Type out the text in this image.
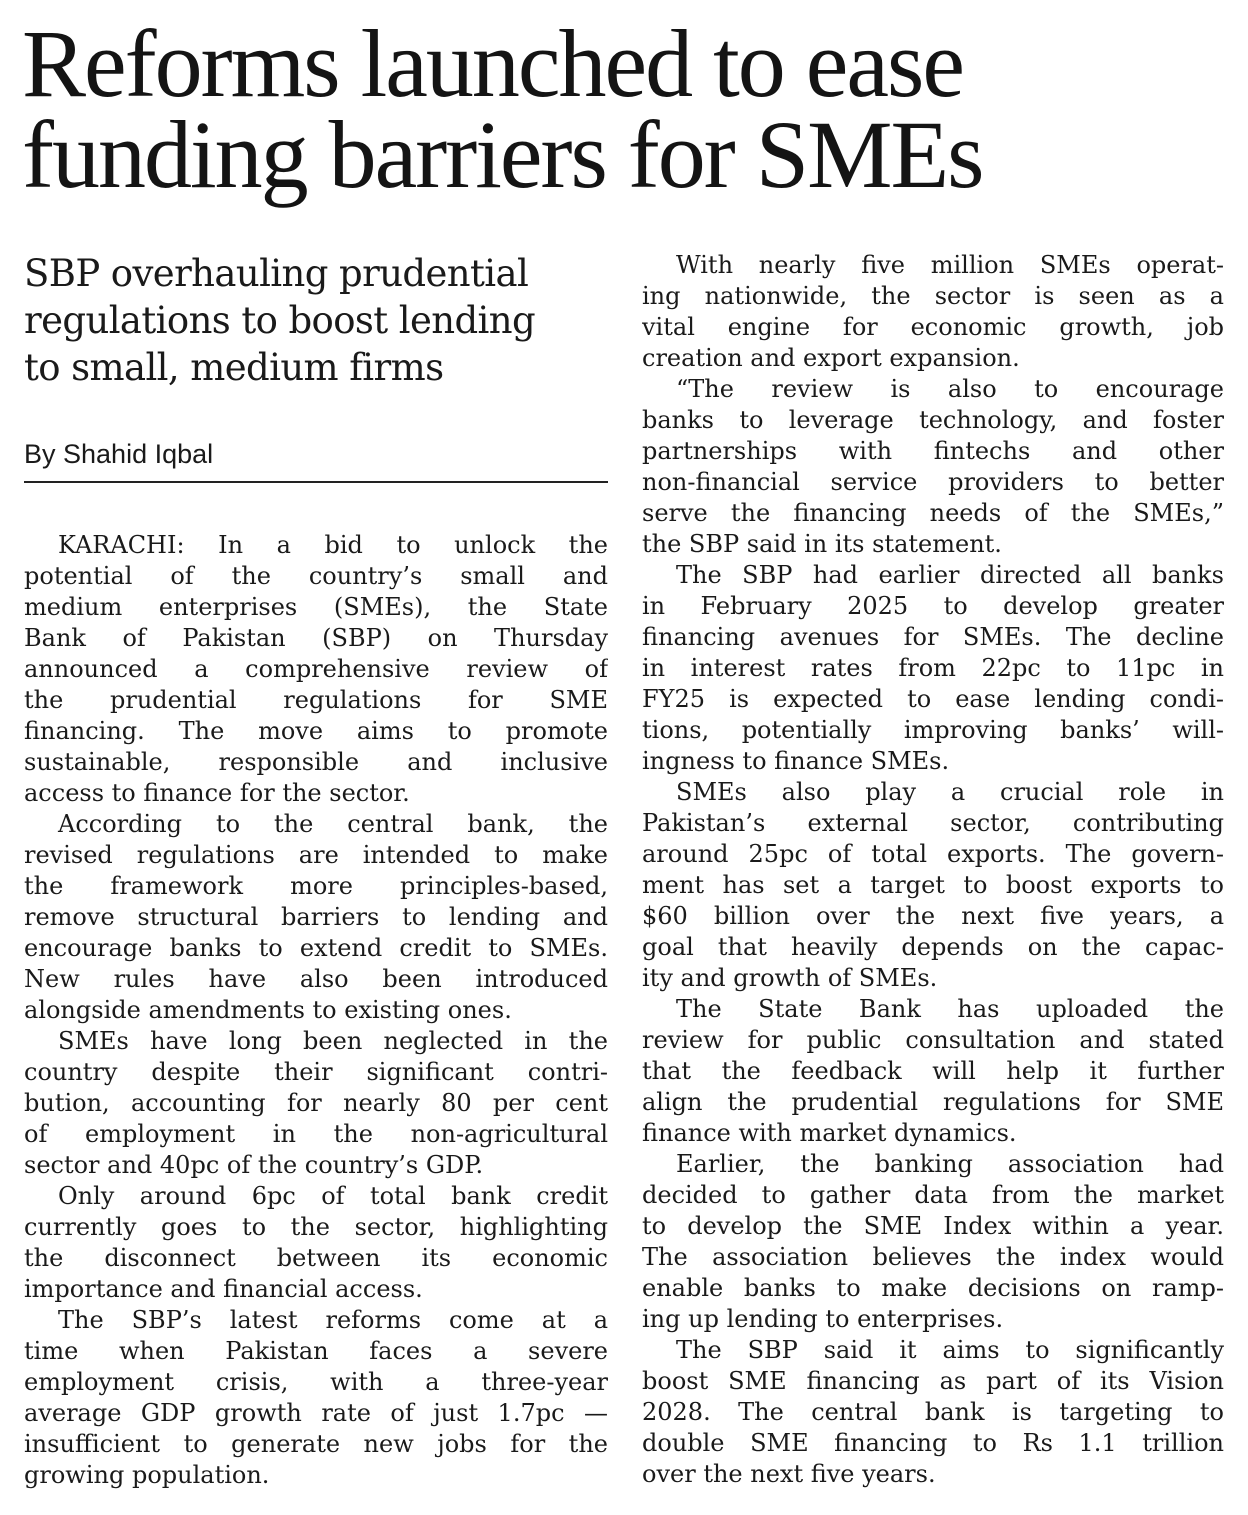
Reforms launched to ease
funding barriers for SMEs
SBP overhauling prudential
regulations to boost lending
to small, medium firms
By Shahid Iqbal
KARACHI: In a bid to unlock the
potential of the country’s small and
medium enterprises (SMEs), the State
Bank of Pakistan (SBP) on Thursday
announced a comprehensive review of
the prudential regulations for SME
financing. The move aims to promote
sustainable, responsible and inclusive
access to finance for the sector.
According to the central bank, the
revised regulations are intended to make
the framework more principles-based,
remove structural barriers to lending and
encourage banks to extend credit to SMEs.
New rules have also been introduced
alongside amendments to existing ones.
SMEs have long been neglected in the
country despite their significant contri-
bution, accounting for nearly 80 per cent
of employment in the non-agricultural
sector and 40pc of the country’s GDP.
Only around 6pc of total bank credit
currently goes to the sector, highlighting
the disconnect between its economic
importance and financial access.
The SBP’s latest reforms come at a
time when Pakistan faces a severe
employment crisis, with a three-year
average GDP growth rate of just 1.7pc —
insufficient to generate new jobs for the
growing population.
With nearly five million SMEs operat-
ing nationwide, the sector is seen as a
vital engine for economic growth, job
creation and export expansion.
“The review is also to encourage
banks to leverage technology, and foster
partnerships with fintechs and other
non-financial service providers to better
serve the financing needs of the SMEs,”
the SBP said in its statement.
The SBP had earlier directed all banks
in February 2025 to develop greater
financing avenues for SMEs. The decline
in interest rates from 22pc to 11pc in
FY25 is expected to ease lending condi-
tions, potentially improving banks’ will-
ingness to finance SMEs.
SMEs also play a crucial role in
Pakistan’s external sector, contributing
around 25pc of total exports. The govern-
ment has set a target to boost exports to
$60 billion over the next five years, a
goal that heavily depends on the capac-
ity and growth of SMEs.
The State Bank has uploaded the
review for public consultation and stated
that the feedback will help it further
align the prudential regulations for SME
finance with market dynamics.
Earlier, the banking association had
decided to gather data from the market
to develop the SME Index within a year.
The association believes the index would
enable banks to make decisions on ramp-
ing up lending to enterprises.
The SBP said it aims to significantly
boost SME financing as part of its Vision
2028. The central bank is targeting to
double SME financing to Rs 1.1 trillion
over the next five years.
